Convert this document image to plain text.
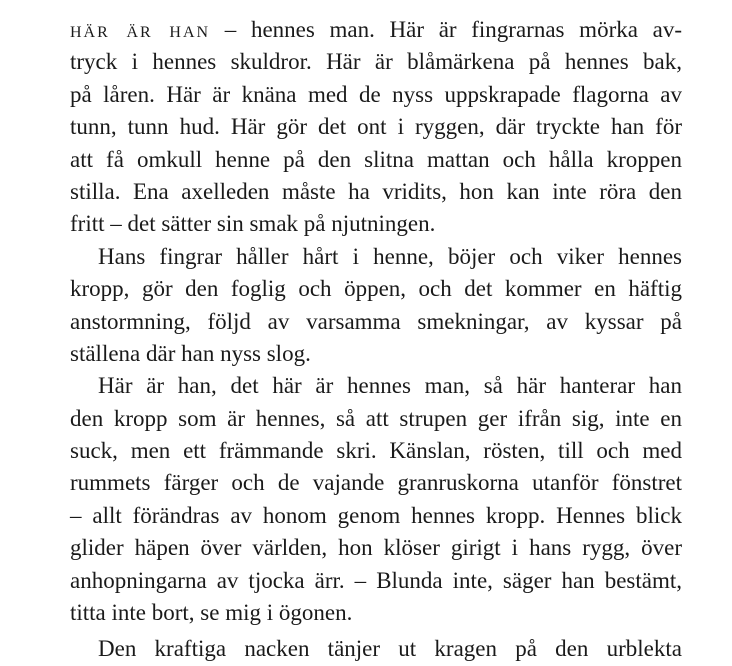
här är han – hennes man. Här är fingrarnas mörka av-
tryck i hennes skuldror. Här är blåmärkena på hennes bak,
på låren. Här är knäna med de nyss uppskrapade flagorna av
tunn, tunn hud. Här gör det ont i ryggen, där tryckte han för
att få omkull henne på den slitna mattan och hålla kroppen
stilla. Ena axelleden måste ha vridits, hon kan inte röra den
fritt – det sätter sin smak på njutningen.
Hans fingrar håller hårt i henne, böjer och viker hennes
kropp, gör den foglig och öppen, och det kommer en häftig
anstormning, följd av varsamma smekningar, av kyssar på
ställena där han nyss slog.
Här är han, det här är hennes man, så här hanterar han
den kropp som är hennes, så att strupen ger ifrån sig, inte en
suck, men ett främmande skri. Känslan, rösten, till och med
rummets färger och de vajande granruskorna utanför fönstret
– allt förändras av honom genom hennes kropp. Hennes blick
glider häpen över världen, hon klöser girigt i hans rygg, över
anhopningarna av tjocka ärr. – Blunda inte, säger han bestämt,
titta inte bort, se mig i ögonen.
Den kraftiga nacken tänjer ut kragen på den urblekta
